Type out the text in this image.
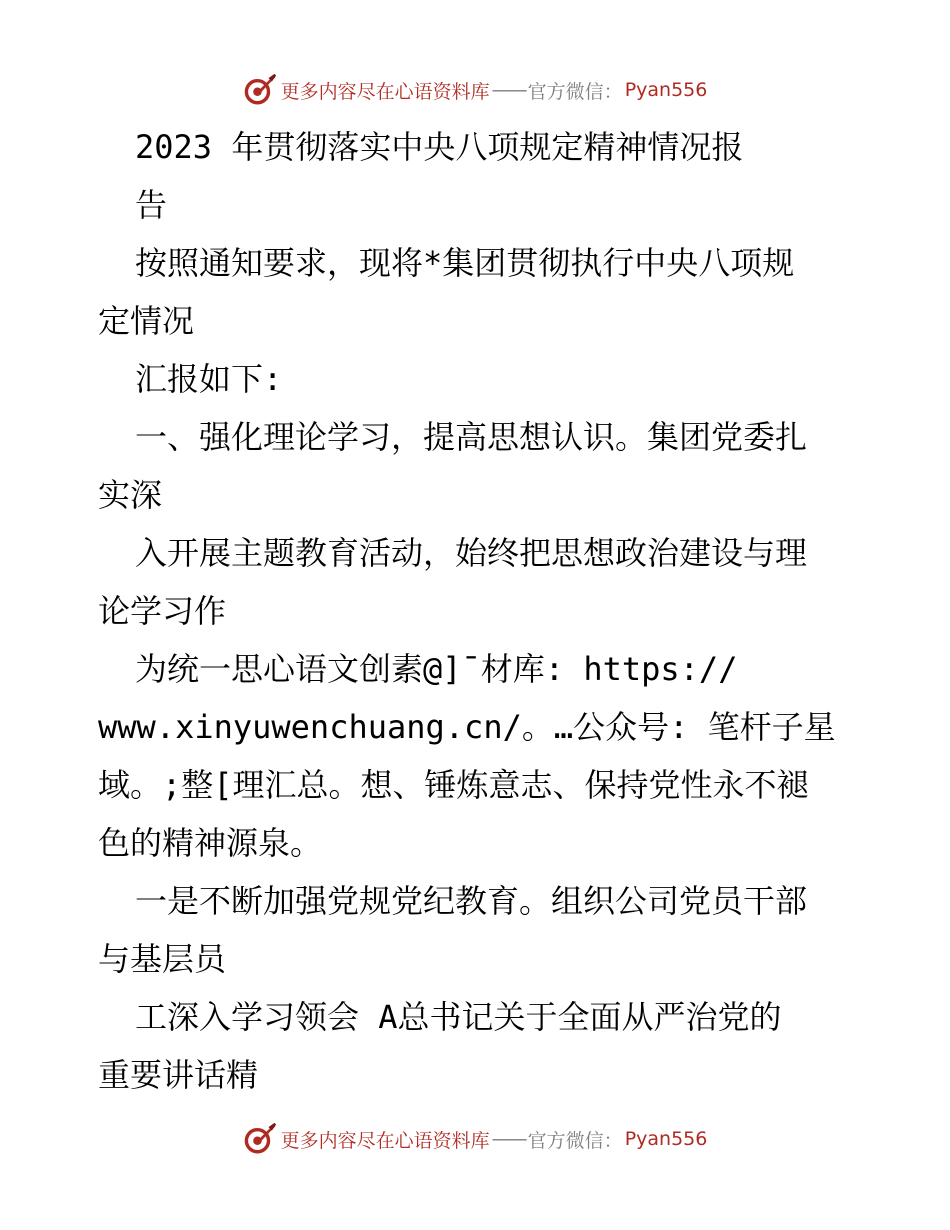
更多内容尽在心语资料库 —— 官方微信： Pyan556
2023 年贯彻落实中央八项规定精神情况报
告
按照通知要求，现将*集团贯彻执行中央八项规
定情况
汇报如下:
一、强化理论学习，提高思想认识。集团党委扎
实深
入开展主题教育活动，始终把思想政治建设与理
论学习作
为统一思心语文创素@]¯材库: https://
www.xinyuwenchuang.cn/。…公众号: 笔杆子星
域。;整[理汇总。想、锤炼意志、保持党性永不褪
色的精神源泉。
一是不断加强党规党纪教育。组织公司党员干部
与基层员
工深入学习领会 A总书记关于全面从严治党的
重要讲话精
更多内容尽在心语资料库 —— 官方微信： Pyan556
